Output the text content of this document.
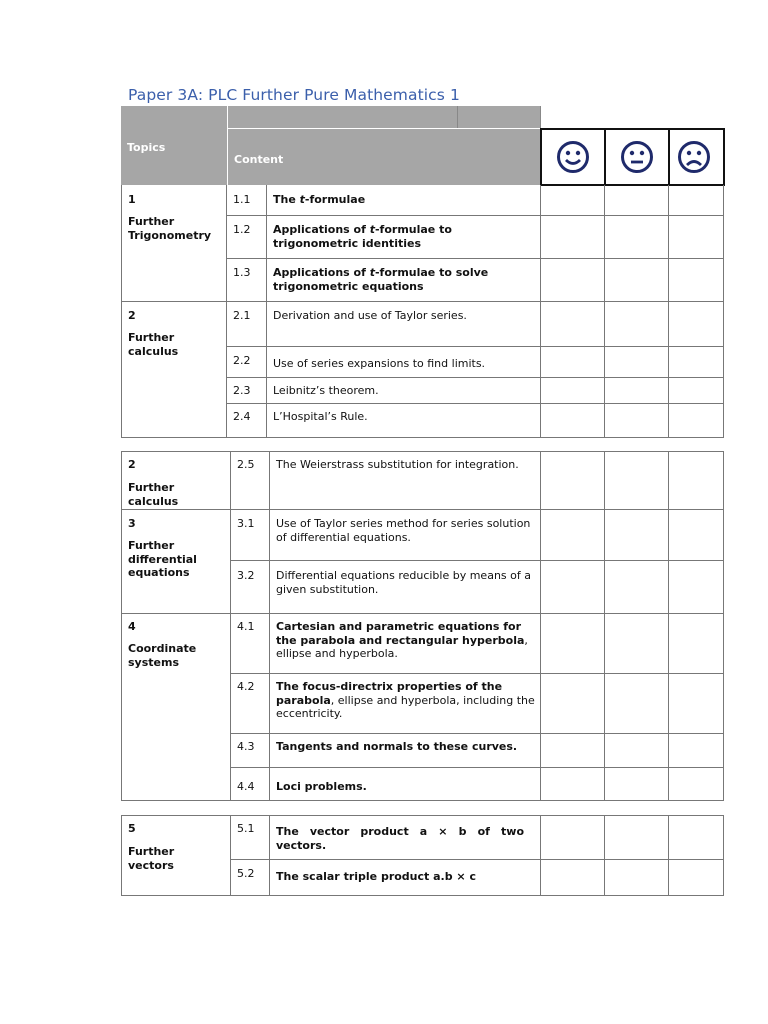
Paper 3A: PLC Further Pure Mathematics 1
Topics
Content
1
Further Trigonometry
1.1 The t-formulae
1.2 Applications of t-formulae to trigonometric identities
1.3 Applications of t-formulae to solve trigonometric equations
2
Further calculus
2.1 Derivation and use of Taylor series.
2.2 Use of series expansions to find limits.
2.3 Leibnitz’s theorem.
2.4 L’Hospital’s Rule.
2
Further calculus
2.5 The Weierstrass substitution for integration.
3
Further differential equations
3.1 Use of Taylor series method for series solution of differential equations.
3.2 Differential equations reducible by means of a given substitution.
4
Coordinate systems
4.1 Cartesian and parametric equations for the parabola and rectangular hyperbola, ellipse and hyperbola.
4.2 The focus-directrix properties of the parabola, ellipse and hyperbola, including the eccentricity.
4.3 Tangents and normals to these curves.
4.4 Loci problems.
5
Further vectors
5.1 The vector product a × b of two vectors.
5.2 The scalar triple product a.b × c
